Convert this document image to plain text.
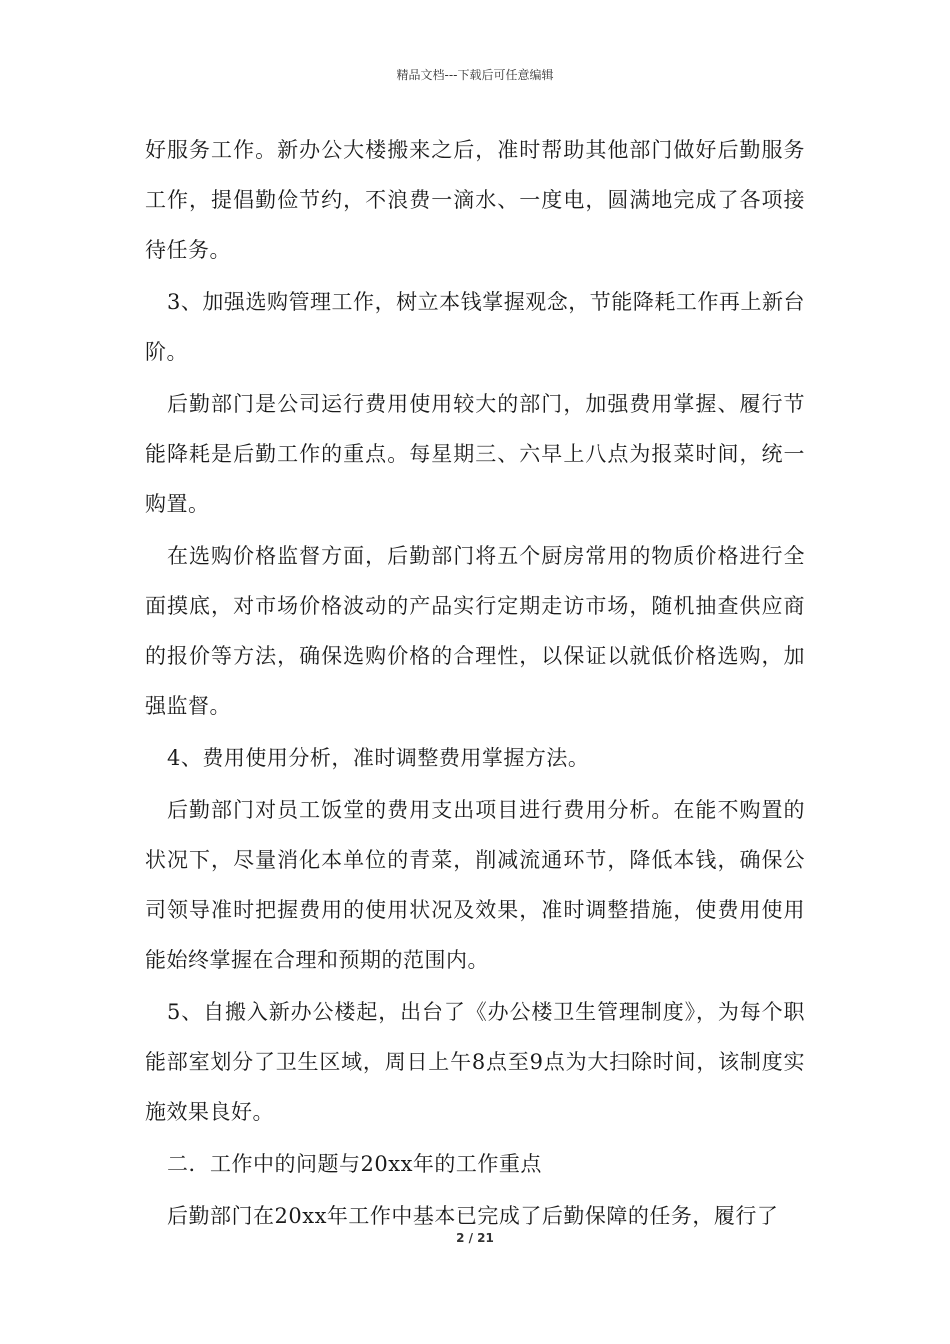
精品文档---下载后可任意编辑

好服务工作。新办公大楼搬来之后，准时帮助其他部门做好后勤服务工作，提倡勤俭节约，不浪费一滴水、一度电，圆满地完成了各项接待任务。

3、加强选购管理工作，树立本钱掌握观念，节能降耗工作再上新台阶。

后勤部门是公司运行费用使用较大的部门，加强费用掌握、履行节能降耗是后勤工作的重点。每星期三、六早上八点为报菜时间，统一购置。

在选购价格监督方面，后勤部门将五个厨房常用的物质价格进行全面摸底，对市场价格波动的产品实行定期走访市场，随机抽查供应商的报价等方法，确保选购价格的合理性，以保证以就低价格选购，加强监督。

4、费用使用分析，准时调整费用掌握方法。

后勤部门对员工饭堂的费用支出项目进行费用分析。在能不购置的状况下，尽量消化本单位的青菜，削减流通环节，降低本钱，确保公司领导准时把握费用的使用状况及效果，准时调整措施，使费用使用能始终掌握在合理和预期的范围内。

5、自搬入新办公楼起，出台了《办公楼卫生管理制度》，为每个职能部室划分了卫生区域，周日上午8点至9点为大扫除时间，该制度实施效果良好。

二．工作中的问题与20xx年的工作重点

后勤部门在20xx年工作中基本已完成了后勤保障的任务，履行了

2 / 21
